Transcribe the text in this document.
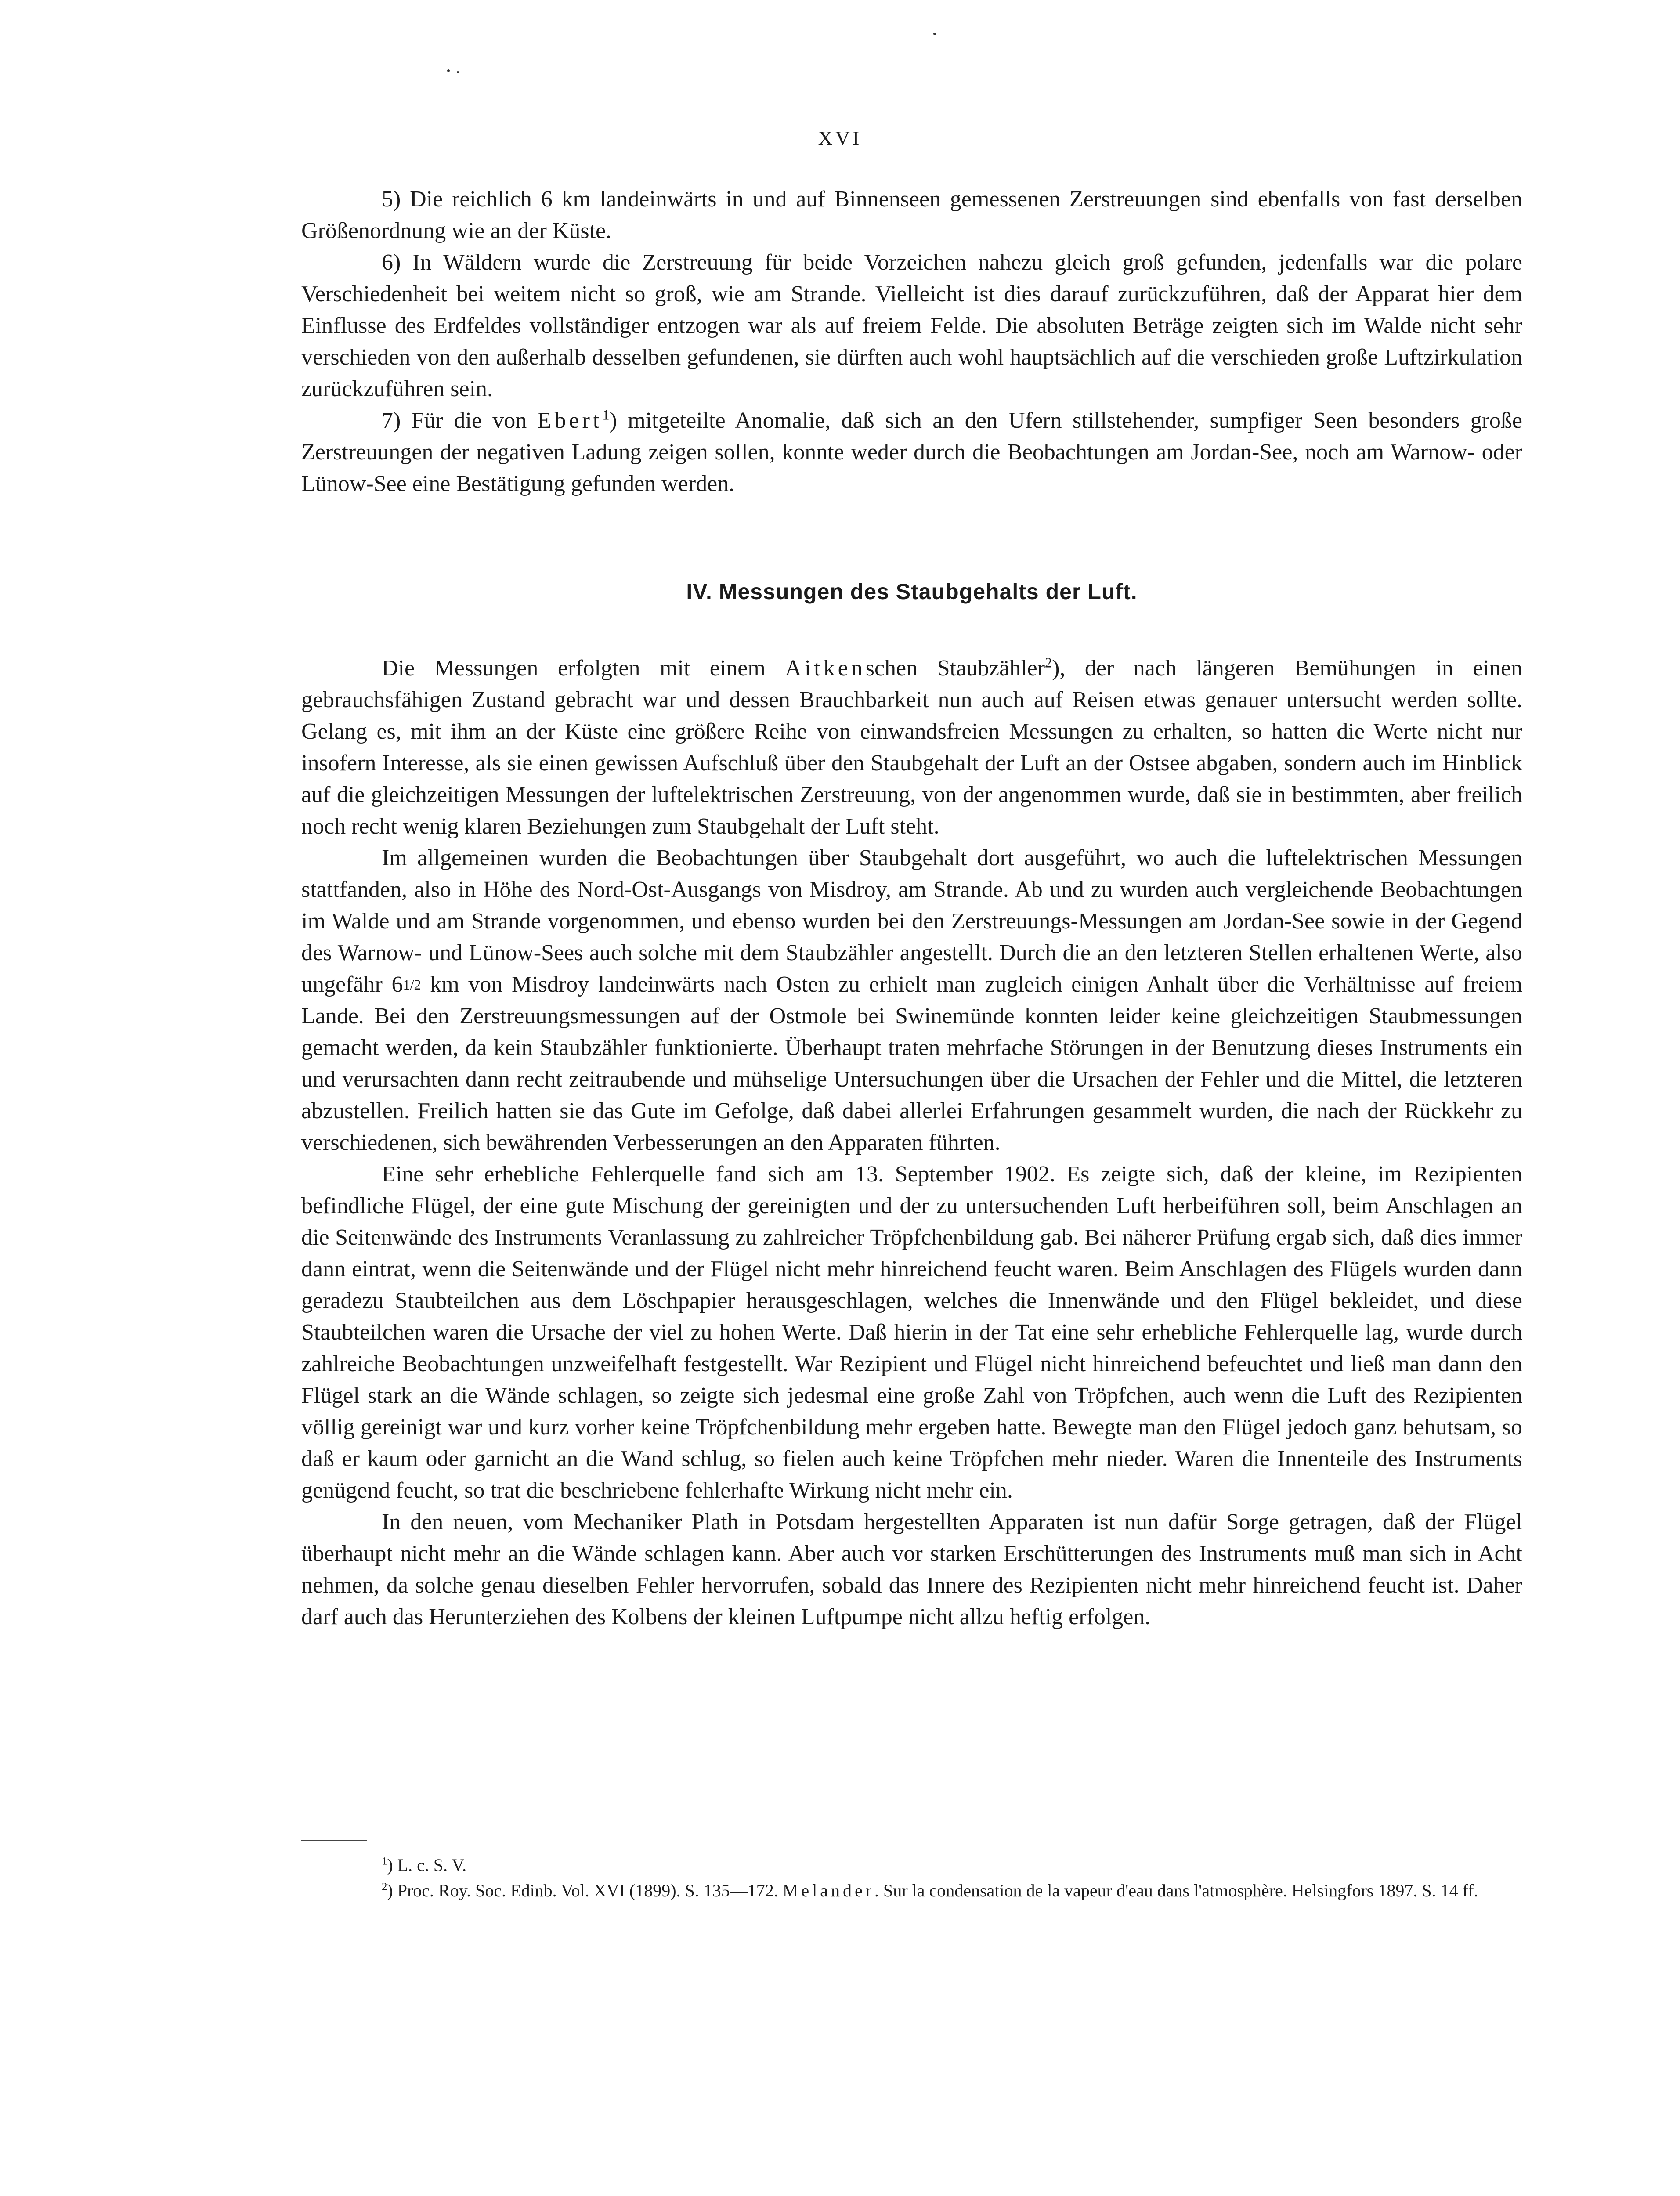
XVI

5) Die reichlich 6 km landeinwärts in und auf Binnenseen gemessenen Zerstreuungen sind ebenfalls von fast derselben Größenordnung wie an der Küste.

6) In Wäldern wurde die Zerstreuung für beide Vorzeichen nahezu gleich groß gefunden, jedenfalls war die polare Verschiedenheit bei weitem nicht so groß, wie am Strande. Vielleicht ist dies darauf zurückzuführen, daß der Apparat hier dem Einflusse des Erdfeldes vollständiger entzogen war als auf freiem Felde. Die absoluten Beträge zeigten sich im Walde nicht sehr verschieden von den außerhalb desselben gefundenen, sie dürften auch wohl hauptsächlich auf die verschieden große Luftzirkulation zurückzuführen sein.

7) Für die von Ebert$^1$) mitgeteilte Anomalie, daß sich an den Ufern stillstehender, sumpfiger Seen besonders große Zerstreuungen der negativen Ladung zeigen sollen, konnte weder durch die Beobachtungen am Jordan-See, noch am Warnow- oder Lünow-See eine Bestätigung gefunden werden.

IV. Messungen des Staubgehalts der Luft.

Die Messungen erfolgten mit einem Aitkenschen Staubzähler$^2$), der nach längeren Bemühungen in einen gebrauchsfähigen Zustand gebracht war und dessen Brauchbarkeit nun auch auf Reisen etwas genauer untersucht werden sollte. Gelang es, mit ihm an der Küste eine größere Reihe von einwandsfreien Messungen zu erhalten, so hatten die Werte nicht nur insofern Interesse, als sie einen gewissen Aufschluß über den Staubgehalt der Luft an der Ostsee abgaben, sondern auch im Hinblick auf die gleichzeitigen Messungen der luftelektrischen Zerstreuung, von der angenommen wurde, daß sie in bestimmten, aber freilich noch recht wenig klaren Beziehungen zum Staubgehalt der Luft steht.

Im allgemeinen wurden die Beobachtungen über Staubgehalt dort ausgeführt, wo auch die luftelektrischen Messungen stattfanden, also in Höhe des Nord-Ost-Ausgangs von Misdroy, am Strande. Ab und zu wurden auch vergleichende Beobachtungen im Walde und am Strande vorgenommen, und ebenso wurden bei den Zerstreuungs-Messungen am Jordan-See sowie in der Gegend des Warnow- und Lünow-Sees auch solche mit dem Staubzähler angestellt. Durch die an den letzteren Stellen erhaltenen Werte, also ungefähr $6_{1/2}$ km von Misdroy landeinwärts nach Osten zu erhielt man zugleich einigen Anhalt über die Verhältnisse auf freiem Lande. Bei den Zerstreuungsmessungen auf der Ostmole bei Swinemünde konnten leider keine gleichzeitigen Staubmessungen gemacht werden, da kein Staubzähler funktionierte. Überhaupt traten mehrfache Störungen in der Benutzung dieses Instruments ein und verursachten dann recht zeitraubende und mühselige Untersuchungen über die Ursachen der Fehler und die Mittel, die letzteren abzustellen. Freilich hatten sie das Gute im Gefolge, daß dabei allerlei Erfahrungen gesammelt wurden, die nach der Rückkehr zu verschiedenen, sich bewährenden Verbesserungen an den Apparaten führten.

Eine sehr erhebliche Fehlerquelle fand sich am 13. September 1902. Es zeigte sich, daß der kleine, im Rezipienten befindliche Flügel, der eine gute Mischung der gereinigten und der zu untersuchenden Luft herbeiführen soll, beim Anschlagen an die Seitenwände des Instruments Veranlassung zu zahlreicher Tröpfchenbildung gab. Bei näherer Prüfung ergab sich, daß dies immer dann eintrat, wenn die Seitenwände und der Flügel nicht mehr hinreichend feucht waren. Beim Anschlagen des Flügels wurden dann geradezu Staubteilchen aus dem Löschpapier herausgeschlagen, welches die Innenwände und den Flügel bekleidet, und diese Staubteilchen waren die Ursache der viel zu hohen Werte. Daß hierin in der Tat eine sehr erhebliche Fehlerquelle lag, wurde durch zahlreiche Beobachtungen unzweifelhaft festgestellt. War Rezipient und Flügel nicht hinreichend befeuchtet und ließ man dann den Flügel stark an die Wände schlagen, so zeigte sich jedesmal eine große Zahl von Tröpfchen, auch wenn die Luft des Rezipienten völlig gereinigt war und kurz vorher keine Tröpfchenbildung mehr ergeben hatte. Bewegte man den Flügel jedoch ganz behutsam, so daß er kaum oder garnicht an die Wand schlug, so fielen auch keine Tröpfchen mehr nieder. Waren die Innenteile des Instruments genügend feucht, so trat die beschriebene fehlerhafte Wirkung nicht mehr ein.

In den neuen, vom Mechaniker Plath in Potsdam hergestellten Apparaten ist nun dafür Sorge getragen, daß der Flügel überhaupt nicht mehr an die Wände schlagen kann. Aber auch vor starken Erschütterungen des Instruments muß man sich in Acht nehmen, da solche genau dieselben Fehler hervorrufen, sobald das Innere des Rezipienten nicht mehr hinreichend feucht ist. Daher darf auch das Herunterziehen des Kolbens der kleinen Luftpumpe nicht allzu heftig erfolgen.

$^1$) L. c. S. V.

$^2$) Proc. Roy. Soc. Edinb. Vol. XVI (1899). S. 135—172. Melander. Sur la condensation de la vapeur d'eau dans l'atmosphère. Helsingfors 1897. S. 14 ff.
